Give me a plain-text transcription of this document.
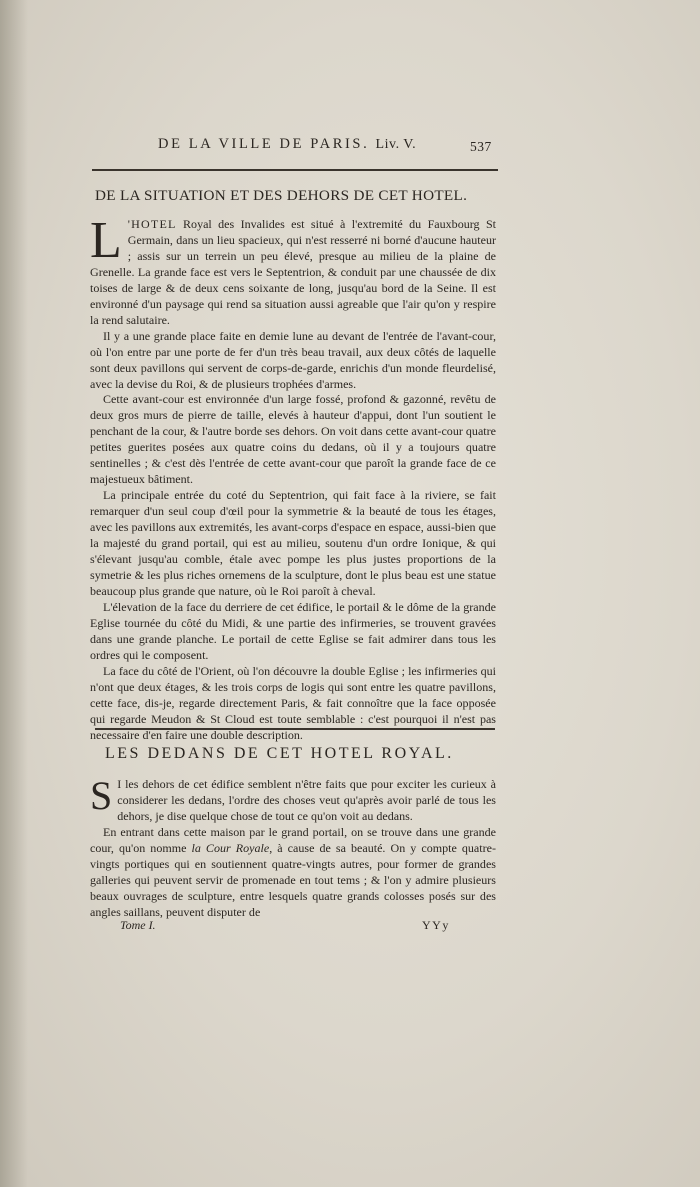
DE LA VILLE DE PARIS. Liv. V.	537
DE LA SITUATION ET DES DEHORS DE CET HOTEL.

L 'HOTEL Royal des Invalides est situé à l'extremité du Fauxbourg St Germain, dans un lieu spacieux, qui n'est resserré ni borné d'aucune hauteur ; assis sur un terrein un peu élevé, presque au milieu de la plaine de Grenelle. La grande face est vers le Septentrion, & conduit par une chaussée de dix toises de large & de deux cens soixante de long, jusqu'au bord de la Seine. Il est environné d'un paysage qui rend sa situation aussi agreable que l'air qu'on y respire la rend salutaire.

Il y a une grande place faite en demie lune au devant de l'entrée de l'avant-cour, où l'on entre par une porte de fer d'un très beau travail, aux deux côtés de laquelle sont deux pavillons qui servent de corps-de-garde, enrichis d'un monde fleurdelisé, avec la devise du Roi, & de plusieurs trophées d'armes.

Cette avant-cour est environnée d'un large fossé, profond & gazonné, revêtu de deux gros murs de pierre de taille, elevés à hauteur d'appui, dont l'un soutient le penchant de la cour, & l'autre borde ses dehors. On voit dans cette avant-cour quatre petites guerites posées aux quatre coins du dedans, où il y a toujours quatre sentinelles ; & c'est dès l'entrée de cette avant-cour que paroît la grande face de ce majestueux bâtiment.

La principale entrée du coté du Septentrion, qui fait face à la riviere, se fait remarquer d'un seul coup d'œil pour la symmetrie & la beauté de tous les étages, avec les pavillons aux extremités, les avant-corps d'espace en espace, aussi-bien que la majesté du grand portail, qui est au milieu, soutenu d'un ordre Ionique, & qui s'élevant jusqu'au comble, étale avec pompe les plus justes proportions de la symetrie & les plus riches ornemens de la sculpture, dont le plus beau est une statue beaucoup plus grande que nature, où le Roi paroît à cheval.

L'élevation de la face du derriere de cet édifice, le portail & le dôme de la grande Eglise tournée du côté du Midi, & une partie des infirmeries, se trouvent gravées dans une grande planche. Le portail de cette Eglise se fait admirer dans tous les ordres qui le composent.

La face du côté de l'Orient, où l'on découvre la double Eglise ; les infirmeries qui n'ont que deux étages, & les trois corps de logis qui sont entre les quatre pavillons, cette face, dis-je, regarde directement Paris, & fait connoître que la face opposée qui regarde Meudon & St Cloud est toute semblable : c'est pourquoi il n'est pas necessaire d'en faire une double description.

LES DEDANS DE CET HOTEL ROYAL.

S I les dehors de cet édifice semblent n'être faits que pour exciter les curieux à considerer les dedans, l'ordre des choses veut qu'après avoir parlé de tous les dehors, je dise quelque chose de tout ce qu'on voit au dedans.

En entrant dans cette maison par le grand portail, on se trouve dans une grande cour, qu'on nomme la Cour Royale, à cause de sa beauté. On y compte quatre-vingts portiques qui en soutiennent quatre-vingts autres, pour former de grandes galleries qui peuvent servir de promenade en tout tems ; & l'on y admire plusieurs beaux ouvrages de sculpture, entre lesquels quatre grands colosses posés sur des angles saillans, peuvent disputer de

Tome I.	YYy
